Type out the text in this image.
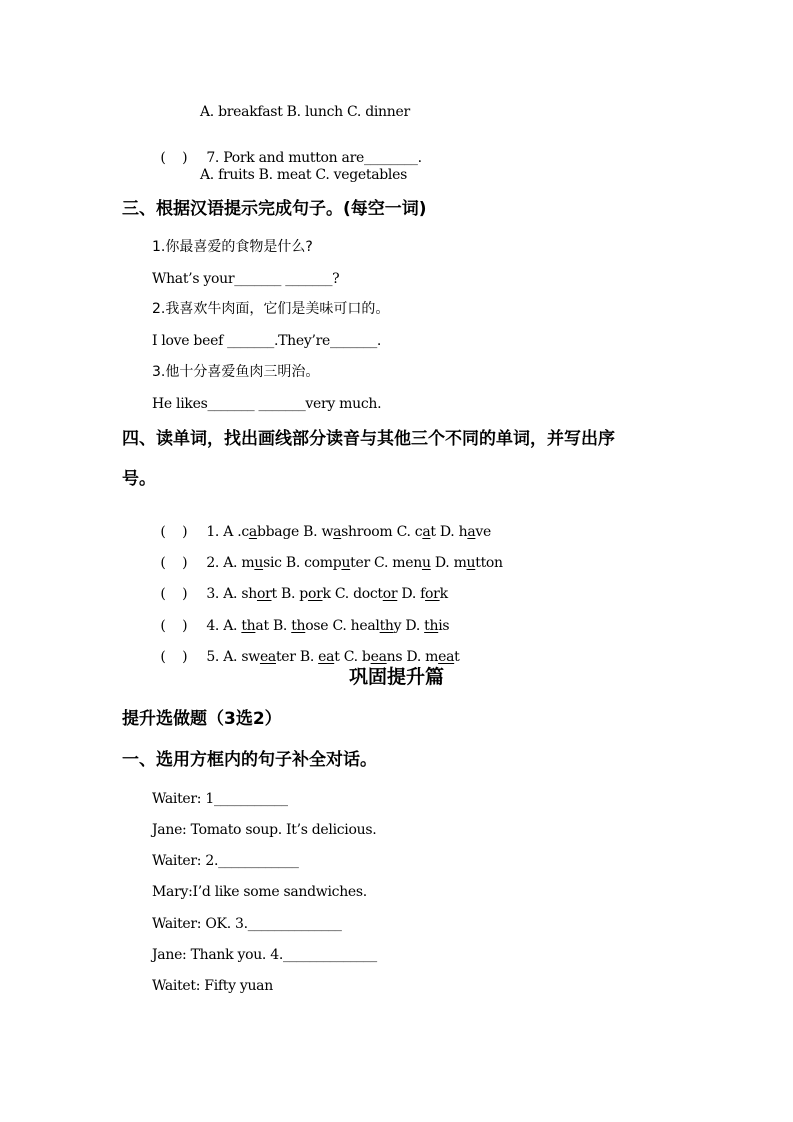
A. breakfast B. lunch C. dinner

(    ) 7. Pork and mutton are________.

A. fruits B. meat C. vegetables
三、根据汉语提示完成句子。(每空一词)
1.你最喜爱的食物是什么?
What’s your_______ _______?
2.我喜欢牛肉面，它们是美味可口的。
I love beef _______.They’re_______.
3.他十分喜爱鱼肉三明治。
He likes_______ _______very much.
四、读单词，找出画线部分读音与其他三个不同的单词，并写出序
号。

(    ) 1. A .cabbage B. washroom C. cat D. have

(    ) 2. A. music B. computer C. menu D. mutton

(    ) 3. A. short B. pork C. doctor D. fork

(    ) 4. A. that B. those C. healthy D. this

(    ) 5. A. sweater B. eat C. beans D. meat

巩固提升篇
提升选做题（3选2）
一、选用方框内的句子补全对话。
Waiter: 1___________
Jane: Tomato soup. It’s delicious.
Waiter: 2.____________
Mary:I’d like some sandwiches.
Waiter: OK. 3.______________
Jane: Thank you. 4.______________
Waitet: Fifty yuan
